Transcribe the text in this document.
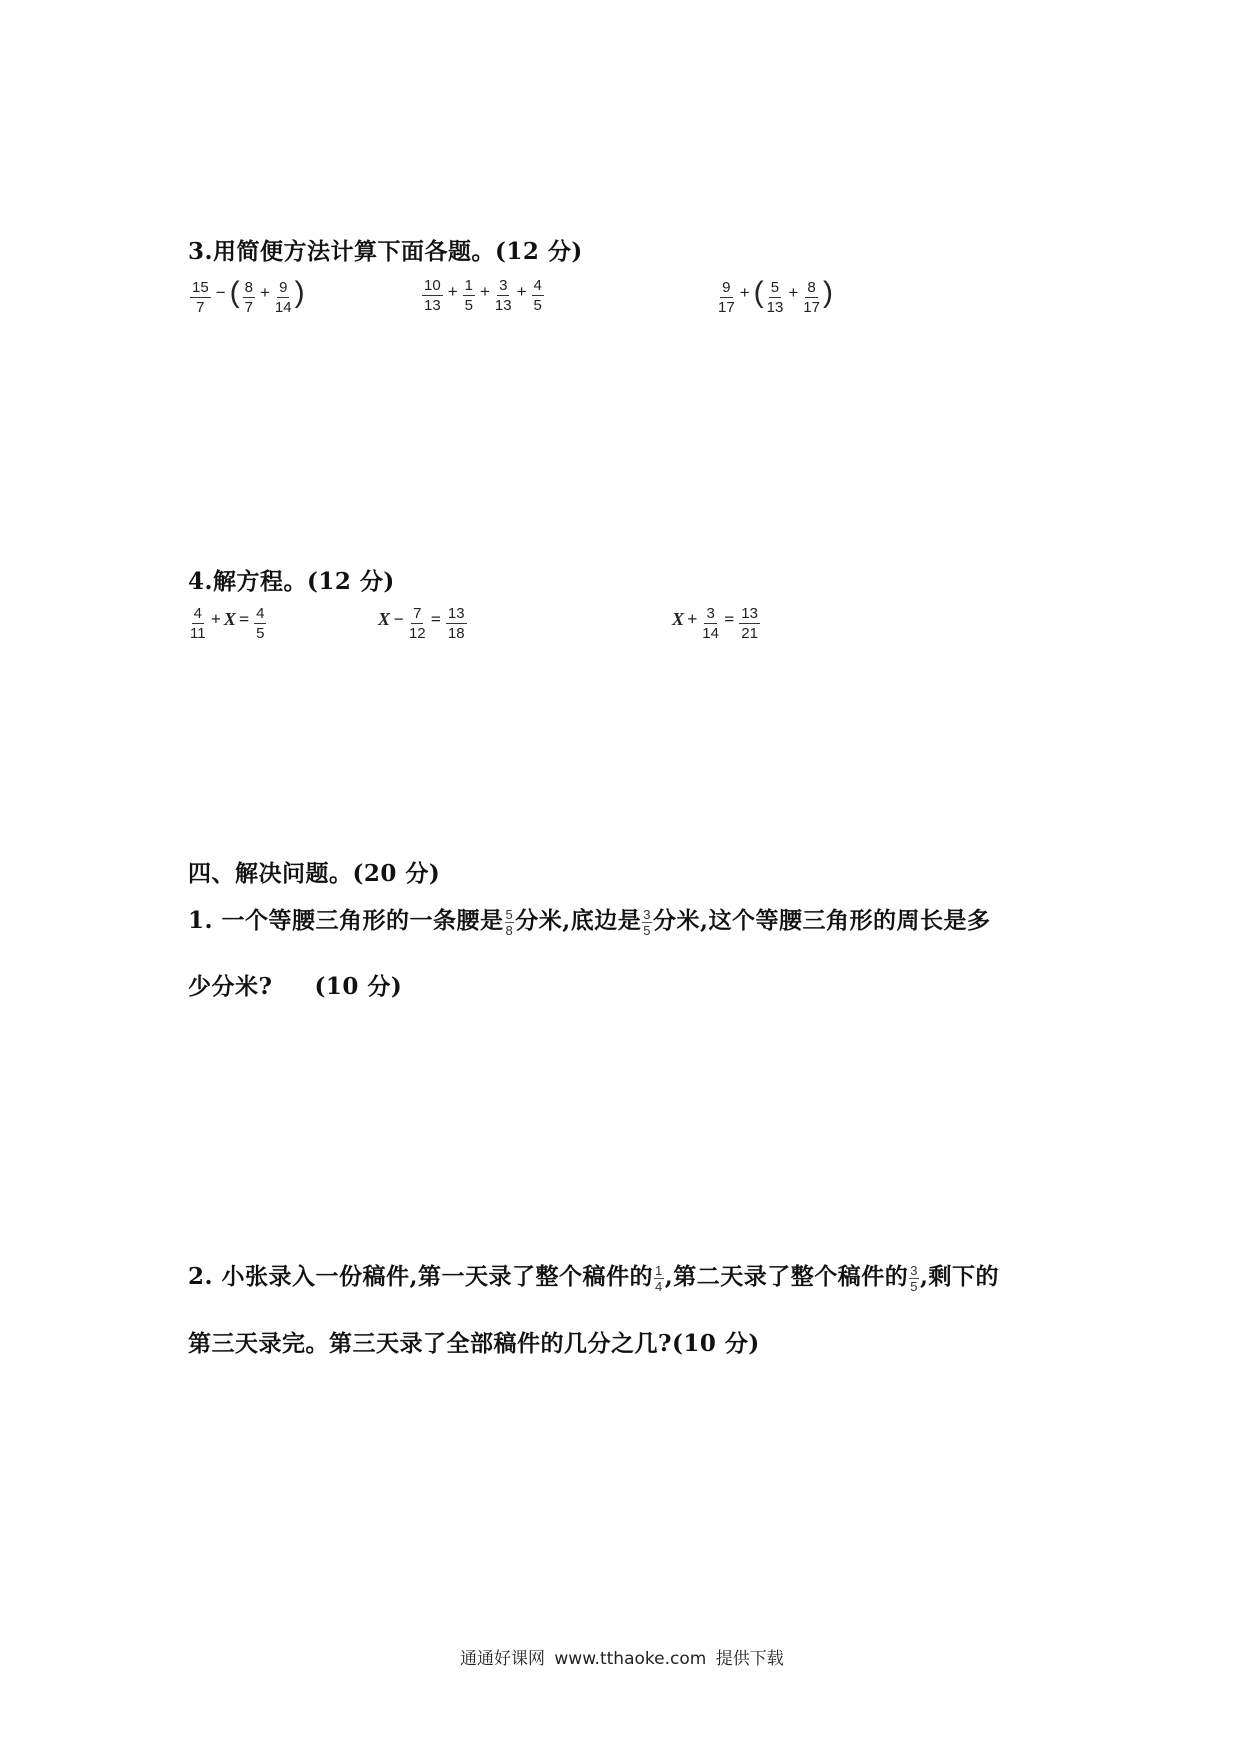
3.用简便方法计算下面各题。(12 分)
$\frac{15}{7}$ − ( $\frac{8}{7} + \frac{9}{14}$ )	$\frac{10}{13} + \frac{1}{5} + \frac{3}{13} + \frac{4}{5}$	$\frac{9}{17}$ + ( $\frac{5}{13} + \frac{8}{17}$ )
4.解方程。(12 分)
$\frac{4}{11} + X = \frac{4}{5}$	$X - \frac{7}{12} = \frac{13}{18}$	$X + \frac{3}{14} = \frac{13}{21}$
四、解决问题。(20 分)
1. 一个等腰三角形的一条腰是 $\frac{5}{8}$ 分米,底边是 $\frac{3}{5}$ 分米,这个等腰三角形的周长是多
少分米? (10 分)
2. 小张录入一份稿件,第一天录了整个稿件的 $\frac{1}{4}$ ,第二天录了整个稿件的 $\frac{3}{5}$ ,剩下的
第三天录完。第三天录了全部稿件的几分之几?(10 分)
通通好课网 www.tthaoke.com 提供下载
